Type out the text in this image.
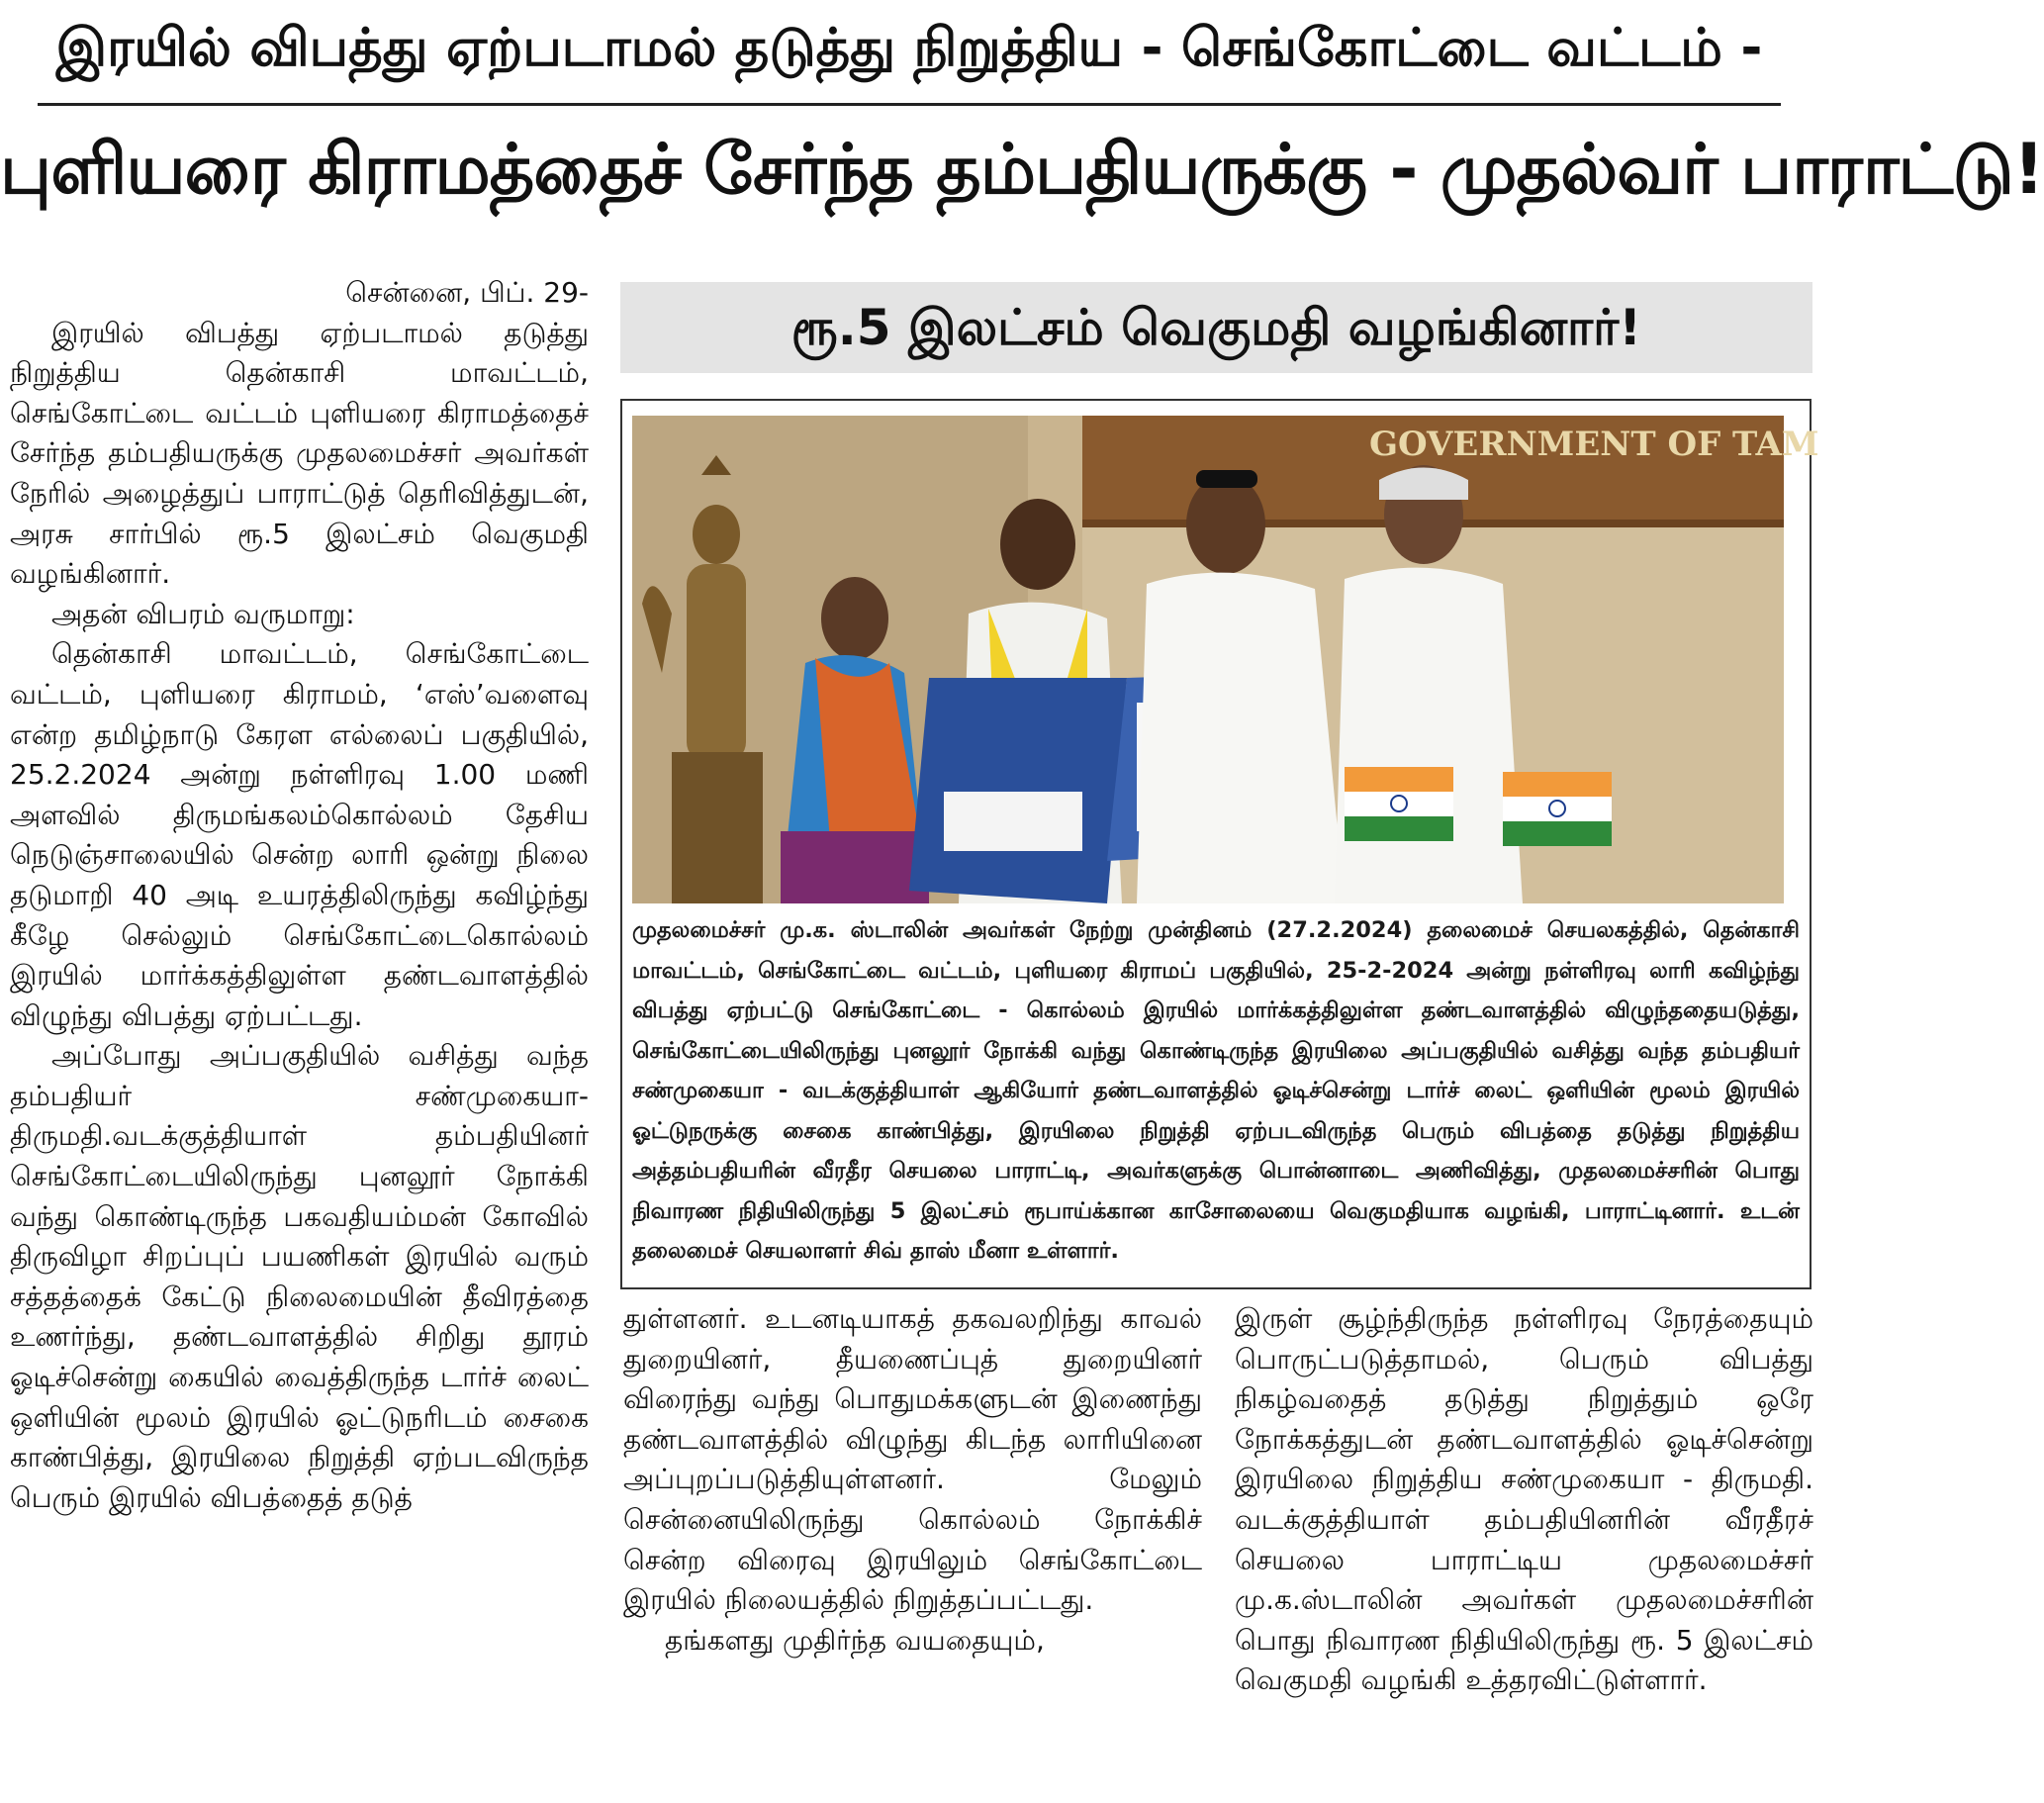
இரயில் விபத்து ஏற்படாமல் தடுத்து நிறுத்திய - செங்கோட்டை வட்டம் -
புளியரை கிராமத்தைச் சேர்ந்த தம்பதியருக்கு - முதல்வர் பாராட்டு!
ரூ.5 இலட்சம் வெகுமதி வழங்கினார்!

சென்னை, பிப். 29-

இரயில் விபத்து ஏற்படாமல் தடுத்து நிறுத்திய தென்காசி மாவட்டம், செங்கோட்டை வட்டம் புளியரை கிராமத்தைச் சேர்ந்த தம்பதியருக்கு முதலமைச்சர் அவர்கள் நேரில் அழைத்துப் பாராட்டுத் தெரிவித்துடன், அரசு சார்பில் ரூ.5 இலட்சம் வெகுமதி வழங்கினார்.

அதன் விபரம் வருமாறு:

தென்காசி மாவட்டம், செங்கோட்டை வட்டம், புளியரை கிராமம், ‘எஸ்’வளைவு என்ற தமிழ்நாடு கேரள எல்லைப் பகுதியில், 25.2.2024 அன்று நள்ளிரவு 1.00 மணி அளவில் திருமங்கலம்கொல்லம் தேசிய நெடுஞ்சாலையில் சென்ற லாரி ஒன்று நிலை தடுமாறி 40 அடி உயரத்திலிருந்து கவிழ்ந்து கீழே செல்லும் செங்கோட்டைகொல்லம் இரயில் மார்க்கத்திலுள்ள தண்டவாளத்தில் விழுந்து விபத்து ஏற்பட்டது.

அப்போது அப்பகுதியில் வசித்து வந்த தம்பதியர் சண்முகையா-திருமதி.வடக்குத்தியாள் தம்பதியினர் செங்கோட்டையிலிருந்து புனலூர் நோக்கி வந்து கொண்டிருந்த பகவதியம்மன் கோவில் திருவிழா சிறப்புப் பயணிகள் இரயில் வரும் சத்தத்தைக் கேட்டு நிலைமையின் தீவிரத்தை உணர்ந்து, தண்டவாளத்தில் சிறிது தூரம் ஓடிச்சென்று கையில் வைத்திருந்த டார்ச் லைட் ஒளியின் மூலம் இரயில் ஓட்டுநரிடம் சைகை காண்பித்து, இரயிலை நிறுத்தி ஏற்படவிருந்த பெரும் இரயில் விபத்தைத் தடுத்

GOVERNMENT OF TAM
முதலமைச்சர் மு.க. ஸ்டாலின் அவர்கள் நேற்று முன்தினம் (27.2.2024) தலைமைச் செயலகத்தில், தென்காசி மாவட்டம், செங்கோட்டை வட்டம், புளியரை கிராமப் பகுதியில், 25-2-2024 அன்று நள்ளிரவு லாரி கவிழ்ந்து விபத்து ஏற்பட்டு செங்கோட்டை - கொல்லம் இரயில் மார்க்கத்திலுள்ள தண்டவாளத்தில் விழுந்ததையடுத்து, செங்கோட்டையிலிருந்து புனலூர் நோக்கி வந்து கொண்டிருந்த இரயிலை அப்பகுதியில் வசித்து வந்த தம்பதியர் சண்முகையா - வடக்குத்தியாள் ஆகியோர் தண்டவாளத்தில் ஓடிச்சென்று டார்ச் லைட் ஒளியின் மூலம் இரயில் ஓட்டுநருக்கு சைகை காண்பித்து, இரயிலை நிறுத்தி ஏற்படவிருந்த பெரும் விபத்தை தடுத்து நிறுத்திய அத்தம்பதியரின் வீரதீர செயலை பாராட்டி, அவர்களுக்கு பொன்னாடை அணிவித்து, முதலமைச்சரின் பொது நிவாரண நிதியிலிருந்து 5 இலட்சம் ரூபாய்க்கான காசோலையை வெகுமதியாக வழங்கி, பாராட்டினார். உடன் தலைமைச் செயலாளர் சிவ் தாஸ் மீனா உள்ளார்.

துள்ளனர். உடனடியாகத் தகவலறிந்து காவல் துறையினர், தீயணைப்புத் துறையினர் விரைந்து வந்து பொதுமக்களுடன் இணைந்து தண்டவாளத்தில் விழுந்து கிடந்த லாரியினை அப்புறப்படுத்தியுள்ளனர். மேலும் சென்னையிலிருந்து கொல்லம் நோக்கிச் சென்ற விரைவு இரயிலும் செங்கோட்டை இரயில் நிலையத்தில் நிறுத்தப்பட்டது.

தங்களது முதிர்ந்த வயதையும்,

இருள் சூழ்ந்திருந்த நள்ளிரவு நேரத்தையும் பொருட்படுத்தாமல், பெரும் விபத்து நிகழ்வதைத் தடுத்து நிறுத்தும் ஒரே நோக்கத்துடன் தண்டவாளத்தில் ஓடிச்சென்று இரயிலை நிறுத்திய சண்முகையா - திருமதி. வடக்குத்தியாள் தம்பதியினரின் வீரதீரச் செயலை பாராட்டிய முதலமைச்சர் மு.க.ஸ்டாலின் அவர்கள் முதலமைச்சரின் பொது நிவாரண நிதியிலிருந்து ரூ. 5 இலட்சம் வெகுமதி வழங்கி உத்தரவிட்டுள்ளார்.
